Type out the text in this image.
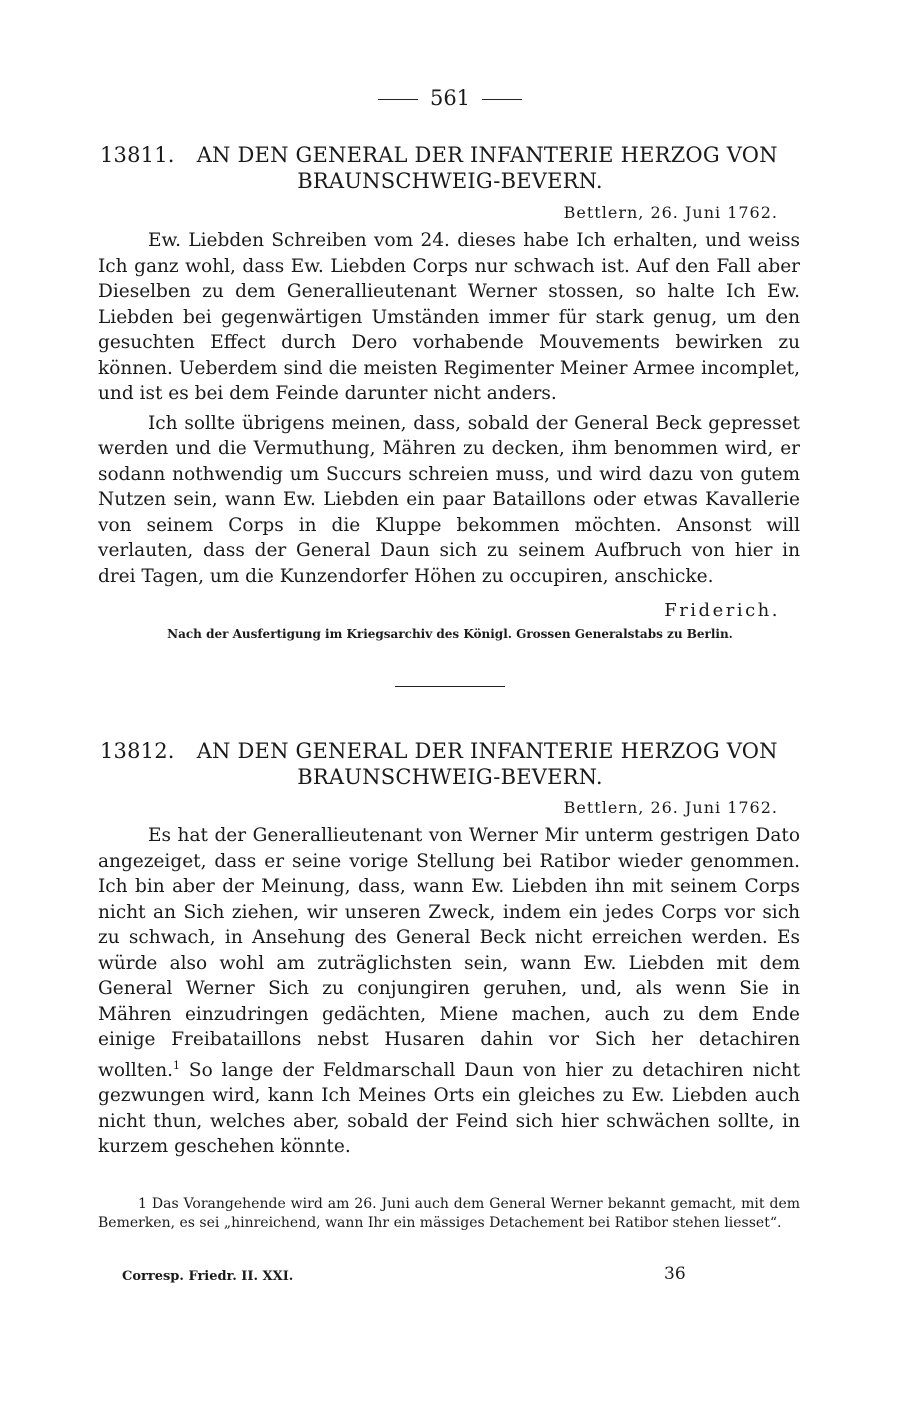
561
13811. AN DEN GENERAL DER INFANTERIE HERZOG VON
BRAUNSCHWEIG-BEVERN.
Bettlern, 26. Juni 1762.

Ew. Liebden Schreiben vom 24. dieses habe Ich erhalten, und weiss Ich ganz wohl, dass Ew. Liebden Corps nur schwach ist. Auf den Fall aber Dieselben zu dem Generallieutenant Werner stossen, so halte Ich Ew. Liebden bei gegenwärtigen Umständen immer für stark genug, um den gesuchten Effect durch Dero vorhabende Mouvements bewirken zu können. Ueberdem sind die meisten Regimenter Meiner Armee incomplet, und ist es bei dem Feinde darunter nicht anders.

Ich sollte übrigens meinen, dass, sobald der General Beck gepresset werden und die Vermuthung, Mähren zu decken, ihm benommen wird, er sodann nothwendig um Succurs schreien muss, und wird dazu von gutem Nutzen sein, wann Ew. Liebden ein paar Bataillons oder etwas Kavallerie von seinem Corps in die Kluppe bekommen möchten. Ansonst will verlauten, dass der General Daun sich zu seinem Aufbruch von hier in drei Tagen, um die Kunzendorfer Höhen zu occupiren, anschicke.

Friderich.
Nach der Ausfertigung im Kriegsarchiv des Königl. Grossen Generalstabs zu Berlin.
13812. AN DEN GENERAL DER INFANTERIE HERZOG VON
BRAUNSCHWEIG-BEVERN.
Bettlern, 26. Juni 1762.

Es hat der Generallieutenant von Werner Mir unterm gestrigen Dato angezeiget, dass er seine vorige Stellung bei Ratibor wieder genommen. Ich bin aber der Meinung, dass, wann Ew. Liebden ihn mit seinem Corps nicht an Sich ziehen, wir unseren Zweck, indem ein jedes Corps vor sich zu schwach, in Ansehung des General Beck nicht erreichen werden. Es würde also wohl am zuträglichsten sein, wann Ew. Liebden mit dem General Werner Sich zu conjungiren geruhen, und, als wenn Sie in Mähren einzudringen gedächten, Miene machen, auch zu dem Ende einige Freibataillons nebst Husaren dahin vor Sich her detachiren wollten.$^1$ So lange der Feldmarschall Daun von hier zu detachiren nicht gezwungen wird, kann Ich Meines Orts ein gleiches zu Ew. Liebden auch nicht thun, welches aber, sobald der Feind sich hier schwächen sollte, in kurzem geschehen könnte.

1 Das Vorangehende wird am 26. Juni auch dem General Werner bekannt gemacht, mit dem Bemerken, es sei „hinreichend, wann Ihr ein mässiges Detachement bei Ratibor stehen liesset“.

Corresp. Friedr. II. XXI.	36
